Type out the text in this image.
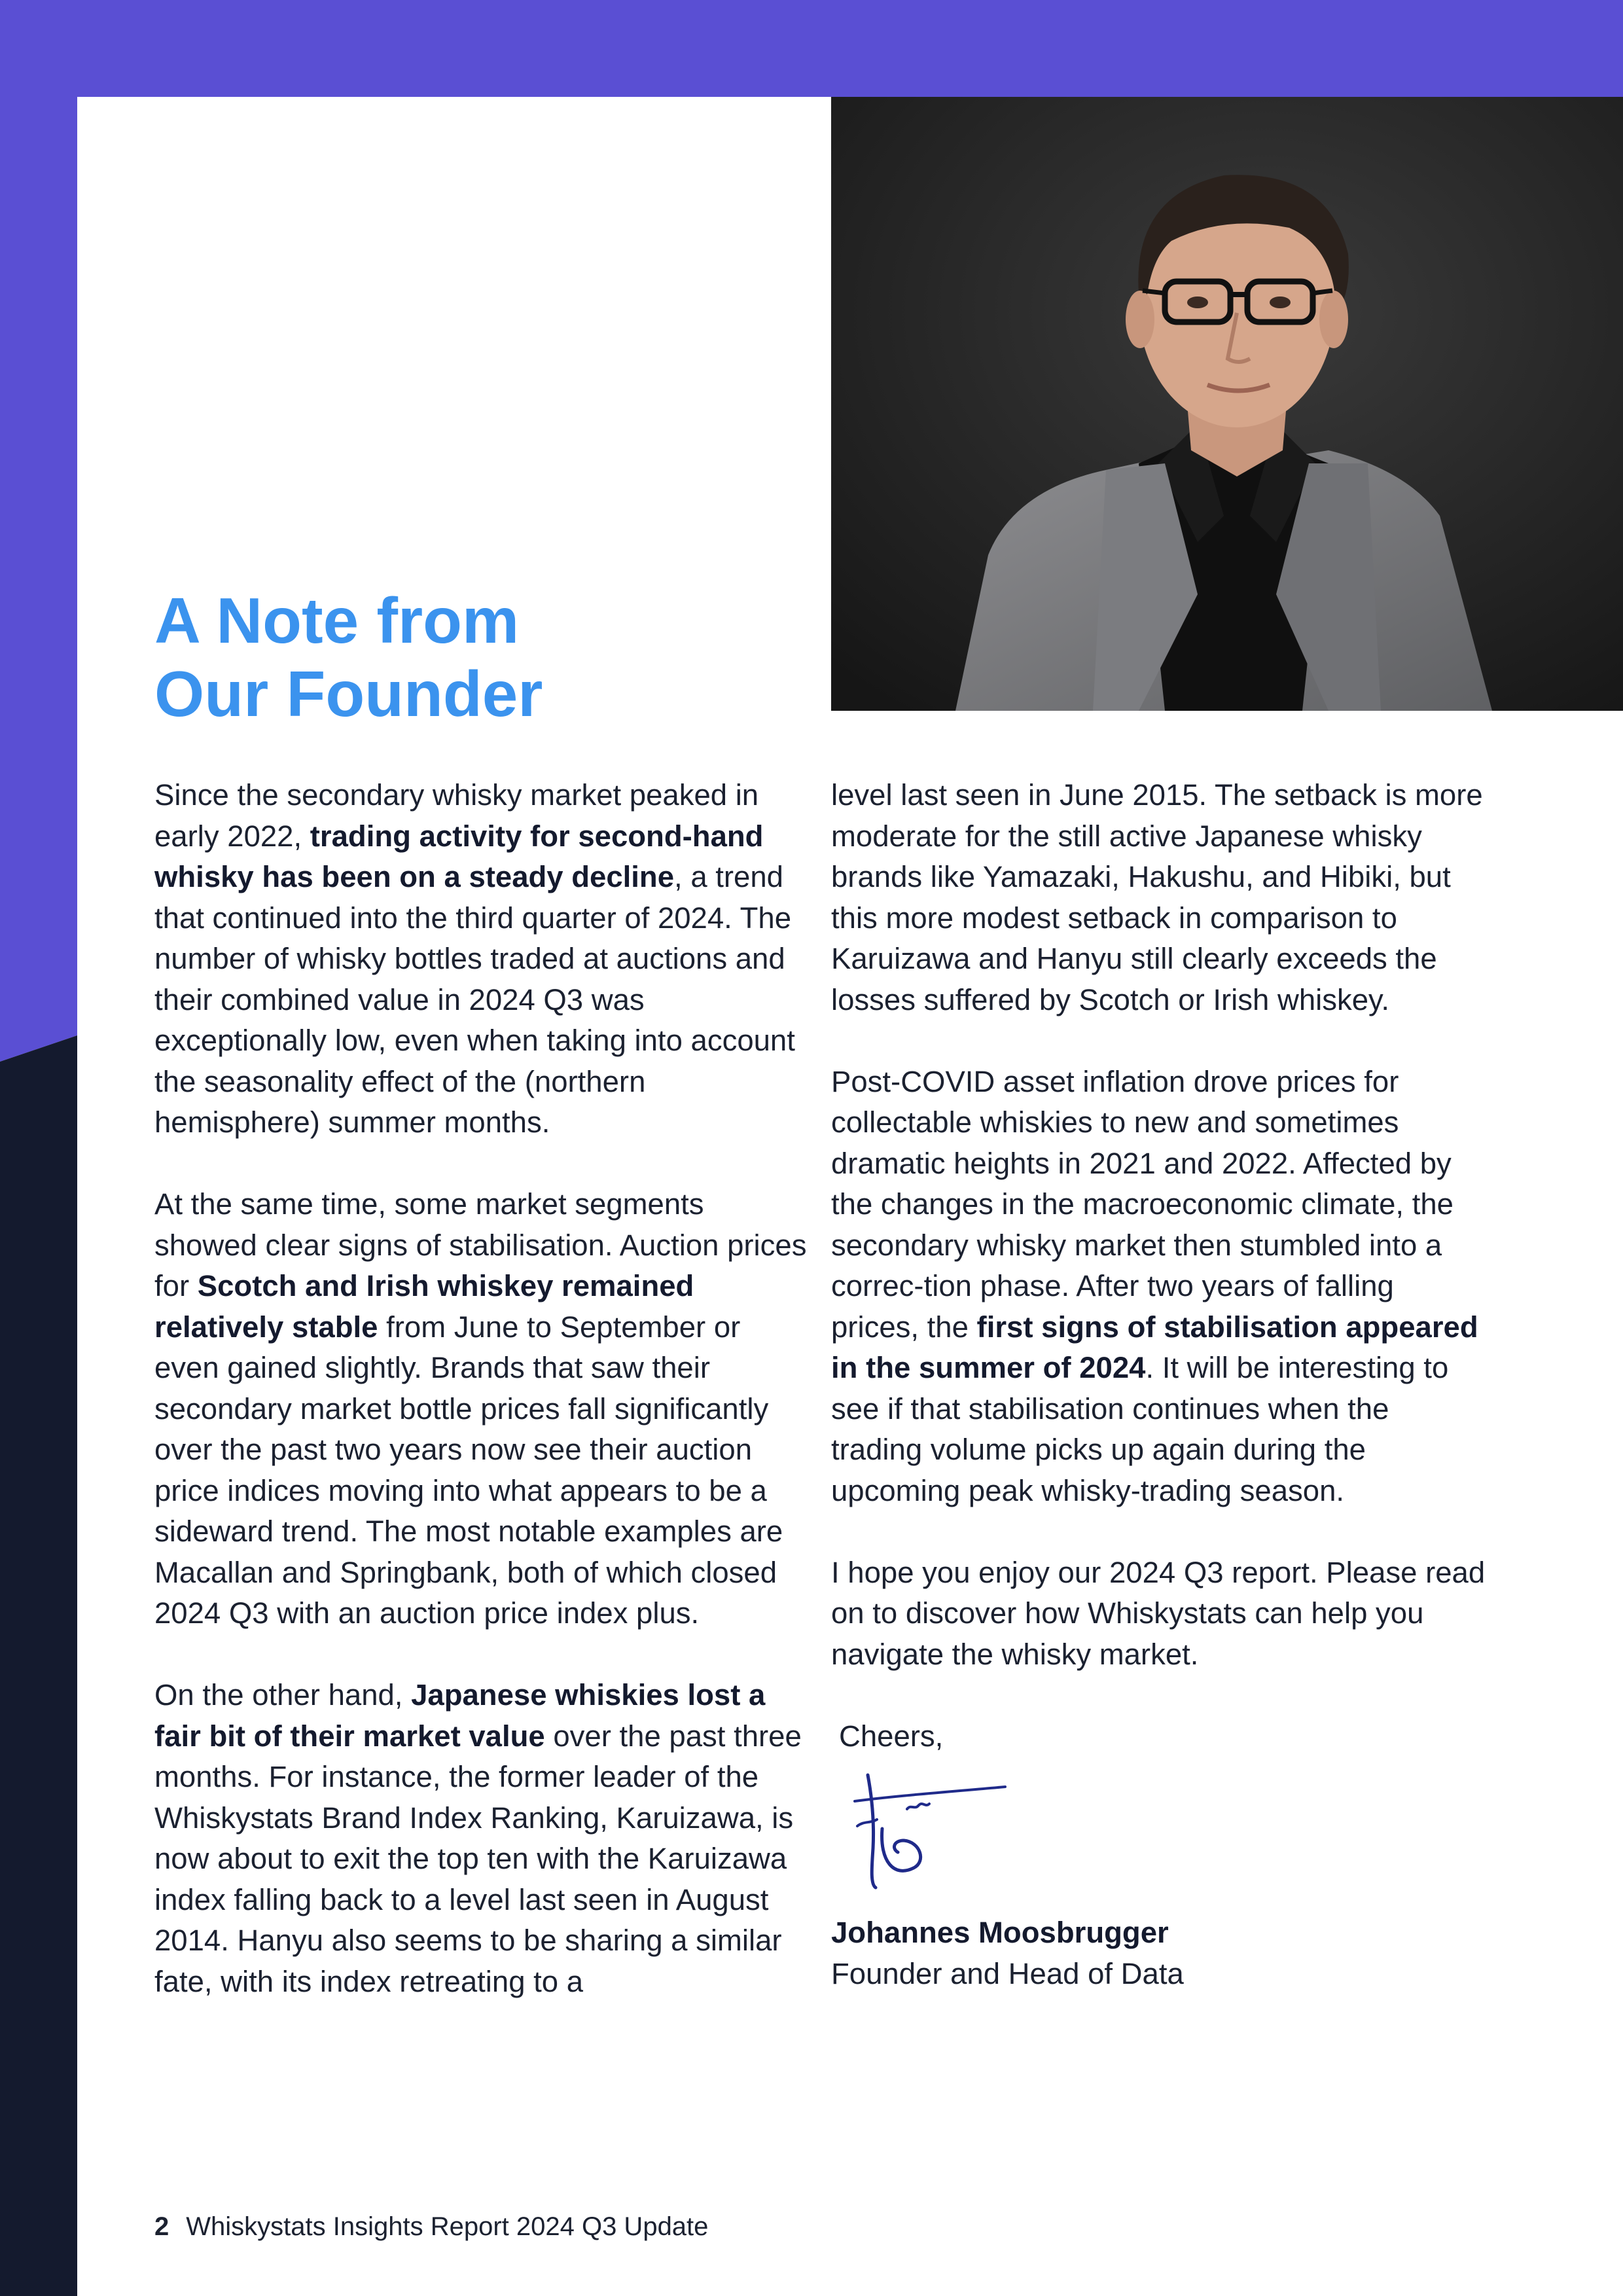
A Note from
Our Founder

Since the secondary whisky market peaked in early 2022, trading activity for second-hand whisky has been on a steady decline, a trend that continued into the third quarter of 2024. The number of whisky bottles traded at auctions and their combined value in 2024 Q3 was exceptionally low, even when taking into account the seasonality effect of the (northern hemisphere) summer months.

At the same time, some market segments showed clear signs of stabilisation. Auction prices for Scotch and Irish whiskey remained relatively stable from June to September or even gained slightly. Brands that saw their secondary market bottle prices fall significantly over the past two years now see their auction price indices moving into what appears to be a sideward trend. The most notable examples are Macallan and Springbank, both of which closed 2024 Q3 with an auction price index plus.

On the other hand, Japanese whiskies lost a fair bit of their market value over the past three months. For instance, the former leader of the Whiskystats Brand Index Ranking, Karuizawa, is now about to exit the top ten with the Karuizawa index falling back to a level last seen in August 2014. Hanyu also seems to be sharing a similar fate, with its index retreating to a

level last seen in June 2015. The setback is more moderate for the still active Japanese whisky brands like Yamazaki, Hakushu, and Hibiki, but this more modest setback in comparison to Karuizawa and Hanyu still clearly exceeds the losses suffered by Scotch or Irish whiskey.

Post-COVID asset inflation drove prices for collectable whiskies to new and sometimes dramatic heights in 2021 and 2022. Affected by the changes in the macroeconomic climate, the secondary whisky market then stumbled into a correc-tion phase. After two years of falling prices, the first signs of stabilisation appeared in the summer of 2024. It will be interesting to see if that stabilisation continues when the trading volume picks up again during the upcoming peak whisky-trading season.

I hope you enjoy our 2024 Q3 report. Please read on to discover how Whiskystats can help you navigate the whisky market.

Cheers,

Johannes Moosbrugger
Founder and Head of Data
2 Whiskystats Insights Report 2024 Q3 Update
